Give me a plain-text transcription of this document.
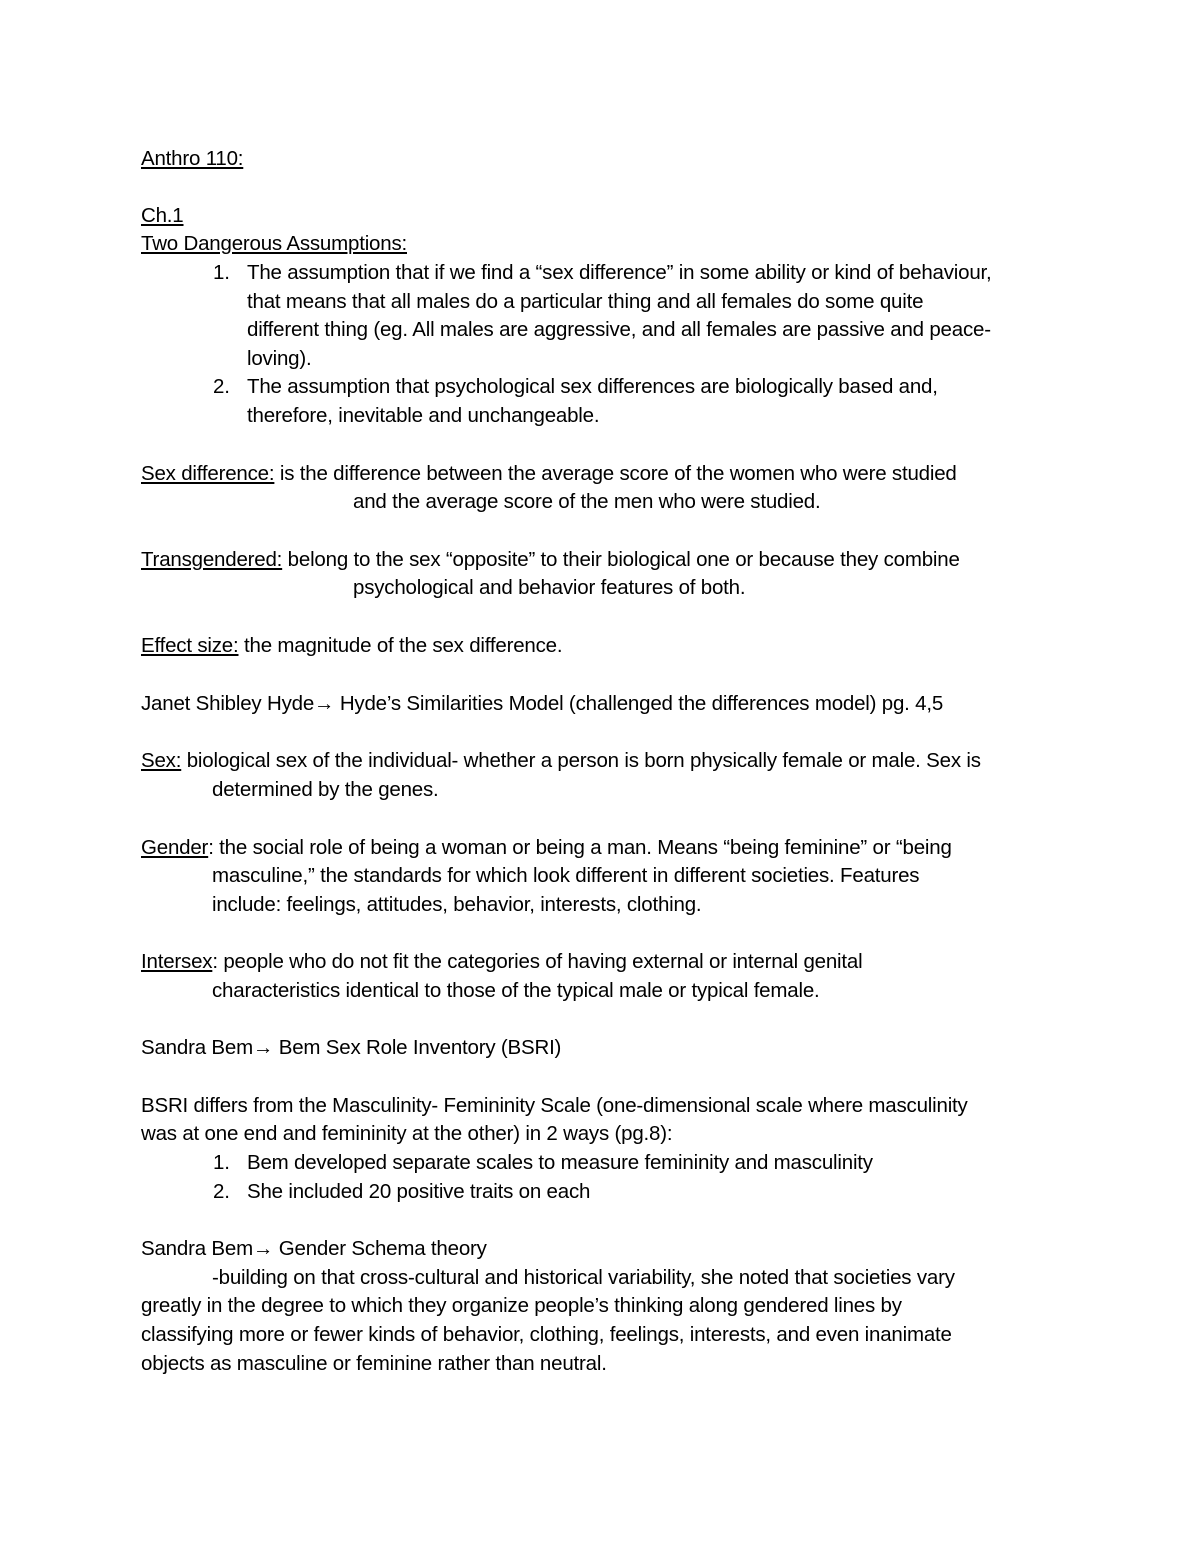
Anthro 110:
Ch.1
Two Dangerous Assumptions:
1. The assumption that if we find a “sex difference” in some ability or kind of behaviour,
that means that all males do a particular thing and all females do some quite
different thing (eg. All males are aggressive, and all females are passive and peace-
loving).
2. The assumption that psychological sex differences are biologically based and,
therefore, inevitable and unchangeable.
Sex difference: is the difference between the average score of the women who were studied
and the average score of the men who were studied.
Transgendered: belong to the sex “opposite” to their biological one or because they combine
psychological and behavior features of both.
Effect size: the magnitude of the sex difference.
Janet Shibley Hyde→ Hyde’s Similarities Model (challenged the differences model) pg. 4,5
Sex: biological sex of the individual- whether a person is born physically female or male. Sex is
determined by the genes.
Gender: the social role of being a woman or being a man. Means “being feminine” or “being
masculine,” the standards for which look different in different societies. Features
include: feelings, attitudes, behavior, interests, clothing.
Intersex: people who do not fit the categories of having external or internal genital
characteristics identical to those of the typical male or typical female.
Sandra Bem→ Bem Sex Role Inventory (BSRI)
BSRI differs from the Masculinity- Femininity Scale (one-dimensional scale where masculinity
was at one end and femininity at the other) in 2 ways (pg.8):
1. Bem developed separate scales to measure femininity and masculinity
2. She included 20 positive traits on each
Sandra Bem→ Gender Schema theory
-building on that cross-cultural and historical variability, she noted that societies vary
greatly in the degree to which they organize people’s thinking along gendered lines by
classifying more or fewer kinds of behavior, clothing, feelings, interests, and even inanimate
objects as masculine or feminine rather than neutral.
